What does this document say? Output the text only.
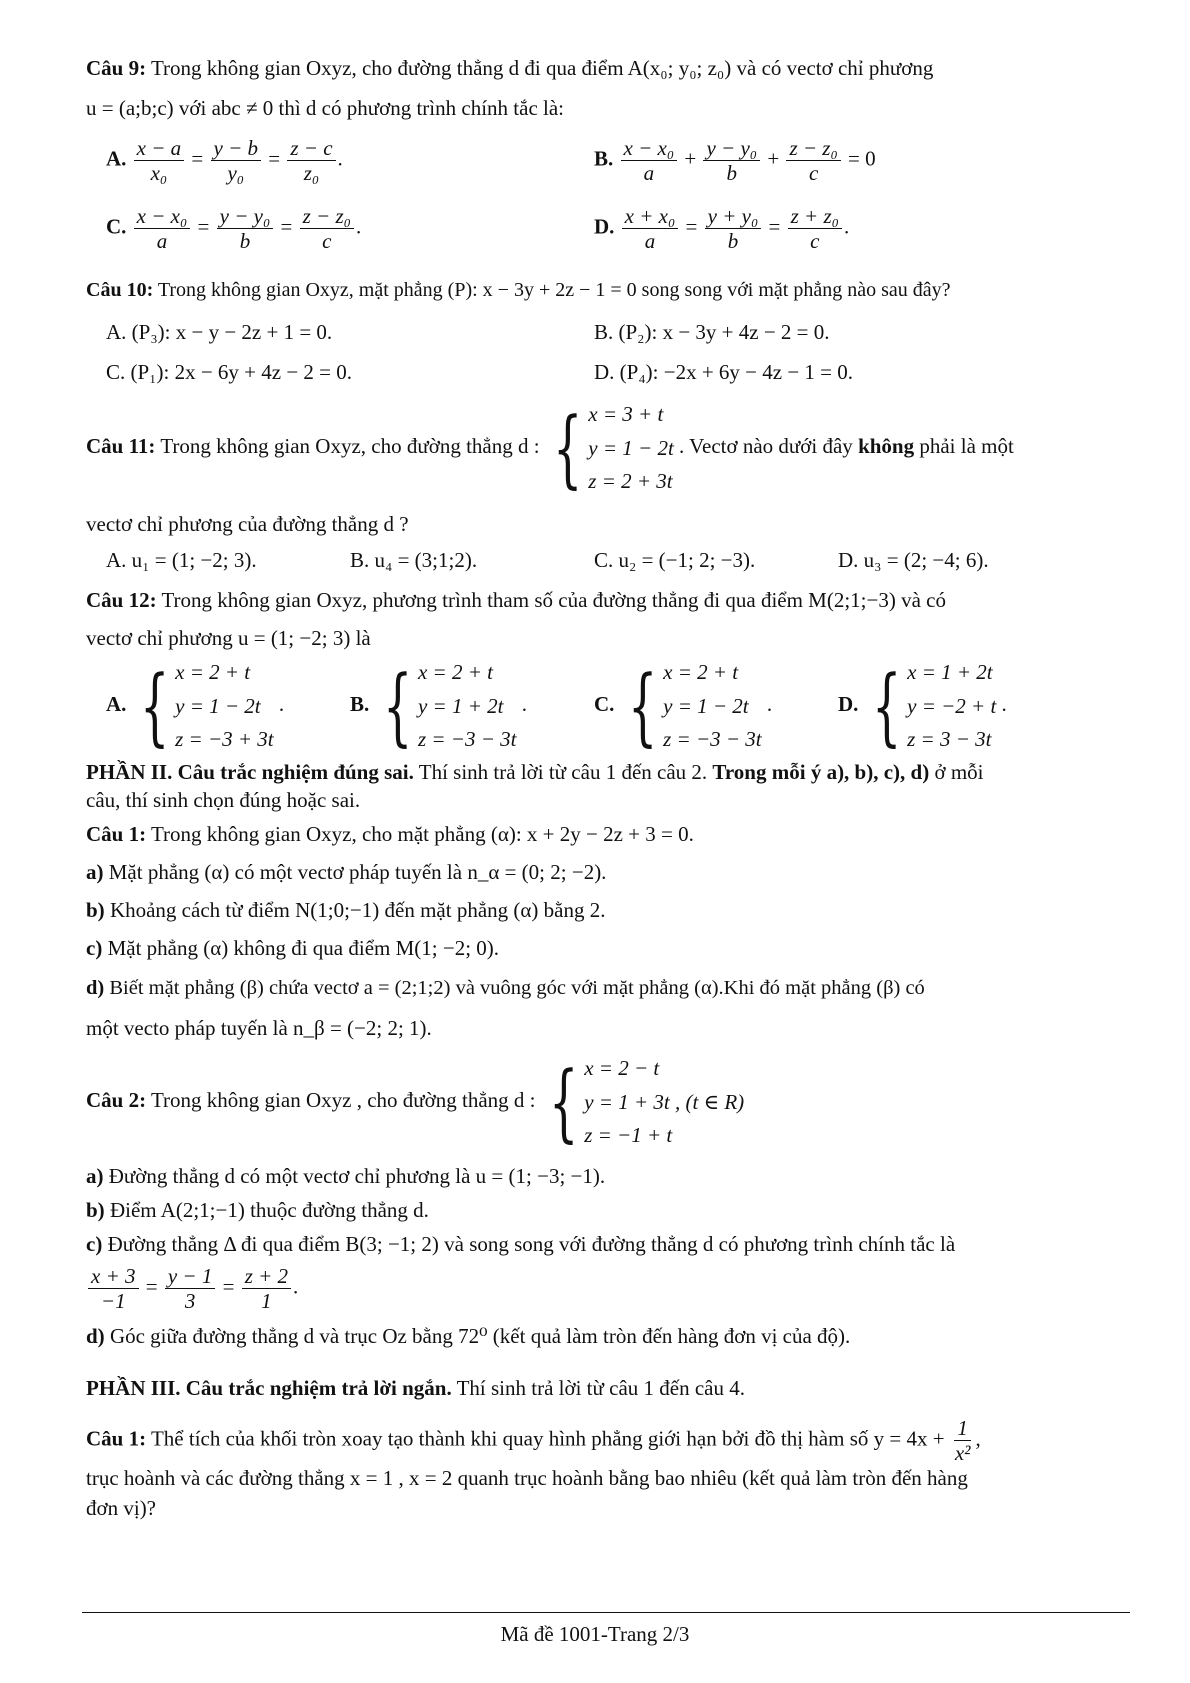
Câu 9: Trong không gian Oxyz, cho đường thẳng d đi qua điểm A(x₀; y₀; z₀) và có vectơ chỉ phương
u = (a;b;c) với abc ≠ 0 thì d có phương trình chính tắc là:
A. $\frac{x - a}{\text{x₀}} = \frac{y - b}{\text{y₀}} = \frac{z - c}{\text{z₀}}$ .	B. $\frac{\text{x − x₀}}{a} + \frac{\text{y − y₀}}{b} + \frac{\text{z − z₀}}{c} = 0$
C. $\frac{\text{x − x₀}}{a} = \frac{\text{y − y₀}}{b} = \frac{\text{z − z₀}}{c}$ .	D. $\frac{\text{x + x₀}}{a} = \frac{\text{y + y₀}}{b} = \frac{\text{z + z₀}}{c}$ .
Câu 10: Trong không gian Oxyz, mặt phẳng (P): x − 3y + 2z − 1 = 0 song song với mặt phẳng nào sau đây?
A. (P₃): x − y − 2z + 1 = 0.	B. (P₂): x − 3y + 4z − 2 = 0.
C. (P₁): 2x − 6y + 4z − 2 = 0.	D. (P₄): −2x + 6y − 4z − 1 = 0.
Câu 11: Trong không gian Oxyz, cho đường thẳng d : { x = 3 + t
y = 1 − 2t
z = 2 + 3t
. Vectơ nào dưới đây không phải là một
vectơ chỉ phương của đường thẳng d ?
A. u₁ = (1; −2; 3).	B. u₄ = (3;1;2).	C. u₂ = (−1; 2; −3).	D. u₃ = (2; −4; 6).
Câu 12: Trong không gian Oxyz, phương trình tham số của đường thẳng đi qua điểm M(2;1;−3) và có
vectơ chỉ phương u = (1; −2; 3) là
A. { x = 2 + t
y = 1 − 2t
z = −3 + 3t
.	B. { x = 2 + t
y = 1 + 2t
z = −3 − 3t
.	C. { x = 2 + t
y = 1 − 2t
z = −3 − 3t
.	D. { x = 1 + 2t
y = −2 + t
z = 3 − 3t
.
PHẦN II. Câu trắc nghiệm đúng sai. Thí sinh trả lời từ câu 1 đến câu 2. Trong mỗi ý a), b), c), d) ở mỗi
câu, thí sinh chọn đúng hoặc sai.
Câu 1: Trong không gian Oxyz, cho mặt phẳng (α): x + 2y − 2z + 3 = 0.
a) Mặt phẳng (α) có một vectơ pháp tuyến là n_α = (0; 2; −2).
b) Khoảng cách từ điểm N(1;0;−1) đến mặt phẳng (α) bằng 2.
c) Mặt phẳng (α) không đi qua điểm M(1; −2; 0).
d) Biết mặt phẳng (β) chứa vectơ a = (2;1;2) và vuông góc với mặt phẳng (α).Khi đó mặt phẳng (β) có
một vecto pháp tuyến là n_β = (−2; 2; 1).
Câu 2: Trong không gian Oxyz , cho đường thẳng d : { x = 2 − t
y = 1 + 3t , (t ∈ R)
z = −1 + t
a) Đường thẳng d có một vectơ chỉ phương là u = (1; −3; −1).
b) Điểm A(2;1;−1) thuộc đường thẳng d.
c) Đường thẳng Δ đi qua điểm B(3; −1; 2) và song song với đường thẳng d có phương trình chính tắc là
$\frac{x + 3}{-1} = \frac{y - 1}{3} = \frac{z + 2}{1}$ .
d) Góc giữa đường thẳng d và trục Oz bằng 72⁰ (kết quả làm tròn đến hàng đơn vị của độ).
PHẦN III. Câu trắc nghiệm trả lời ngắn. Thí sinh trả lời từ câu 1 đến câu 4.
Câu 1: Thể tích của khối tròn xoay tạo thành khi quay hình phẳng giới hạn bởi đồ thị hàm số $y = 4x + \frac{1}{\text{x²}}$ ,
trục hoành và các đường thẳng x = 1 , x = 2 quanh trục hoành bằng bao nhiêu (kết quả làm tròn đến hàng
đơn vị)?
Mã đề 1001-Trang 2/3
